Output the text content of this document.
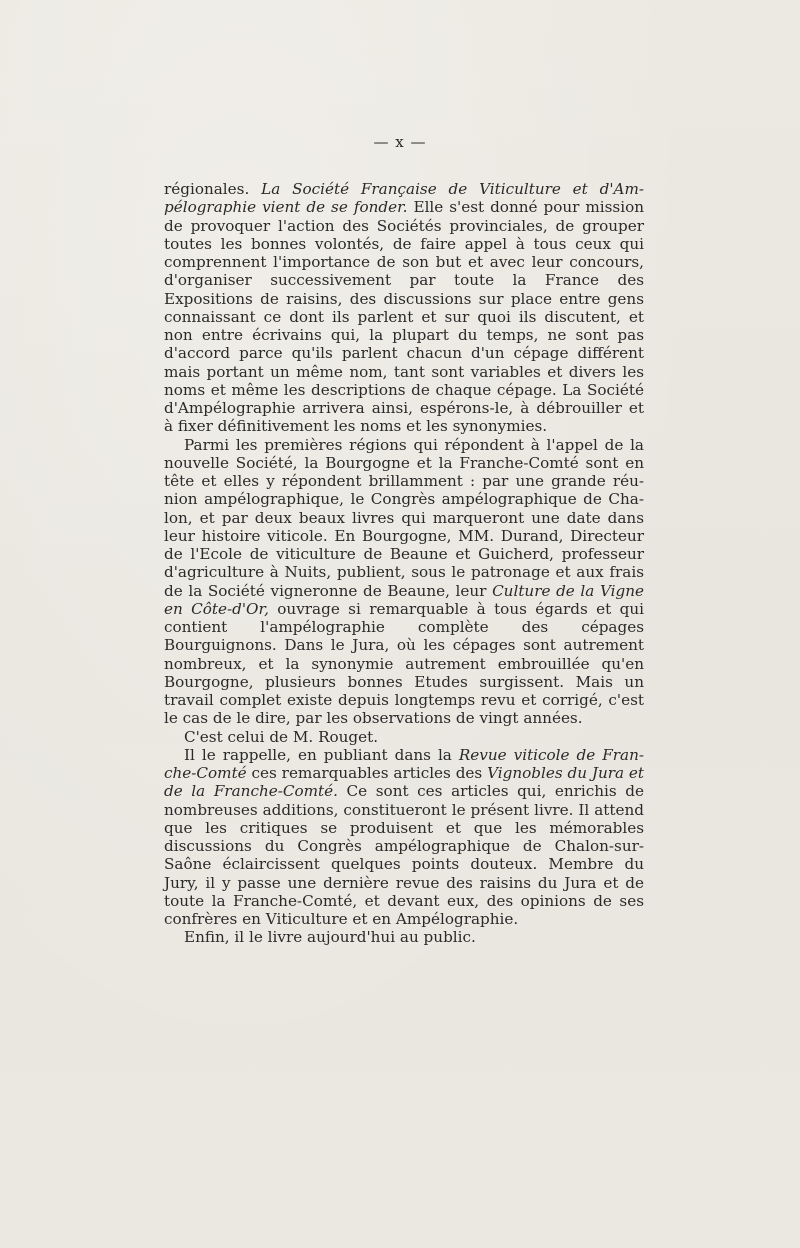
— x —

régionales. La Société Française de Viticulture et d'Ampélographie vient de se fonder. Elle s'est donné pour mission de provoquer l'action des Sociétés provinciales, de grouper toutes les bonnes volontés, de faire appel à tous ceux qui comprennent l'importance de son but et avec leur concours, d'organiser successivement par toute la France des Expositions de raisins, des discussions sur place entre gens connaissant ce dont ils parlent et sur quoi ils discutent, et non entre écrivains qui, la plupart du temps, ne sont pas d'accord parce qu'ils parlent chacun d'un cépage différent mais portant un même nom, tant sont variables et divers les noms et même les descriptions de chaque cépage. La Société d'Ampélographie arrivera ainsi, espérons-le, à débrouiller et à fixer définitivement les noms et les synonymies.

Parmi les premières régions qui répondent à l'appel de la nouvelle Société, la Bourgogne et la Franche-Comté sont en tête et elles y répondent brillamment : par une grande réunion ampélographique, le Congrès ampélographique de Chalon, et par deux beaux livres qui marqueront une date dans leur histoire viticole. En Bourgogne, MM. Durand, Directeur de l'Ecole de viticulture de Beaune et Guicherd, professeur d'agriculture à Nuits, publient, sous le patronage et aux frais de la Société vigneronne de Beaune, leur Culture de la Vigne en Côte-d'Or, ouvrage si remarquable à tous égards et qui contient l'ampélographie complète des cépages Bourguignons. Dans le Jura, où les cépages sont autrement nombreux, et la synonymie autrement embrouillée qu'en Bourgogne, plusieurs bonnes Etudes surgissent. Mais un travail complet existe depuis longtemps revu et corrigé, c'est le cas de le dire, par les observations de vingt années.

C'est celui de M. Rouget.

Il le rappelle, en publiant dans la Revue viticole de Franche-Comté ces remarquables articles des Vignobles du Jura et de la Franche-Comté. Ce sont ces articles qui, enrichis de nombreuses additions, constitueront le présent livre. Il attend que les critiques se produisent et que les mémorables discussions du Congrès ampélographique de Chalon-sur-Saône éclaircissent quelques points douteux. Membre du Jury, il y passe une dernière revue des raisins du Jura et de toute la Franche-Comté, et devant eux, des opinions de ses confrères en Viticulture et en Ampélographie.

Enfin, il le livre aujourd'hui au public.
